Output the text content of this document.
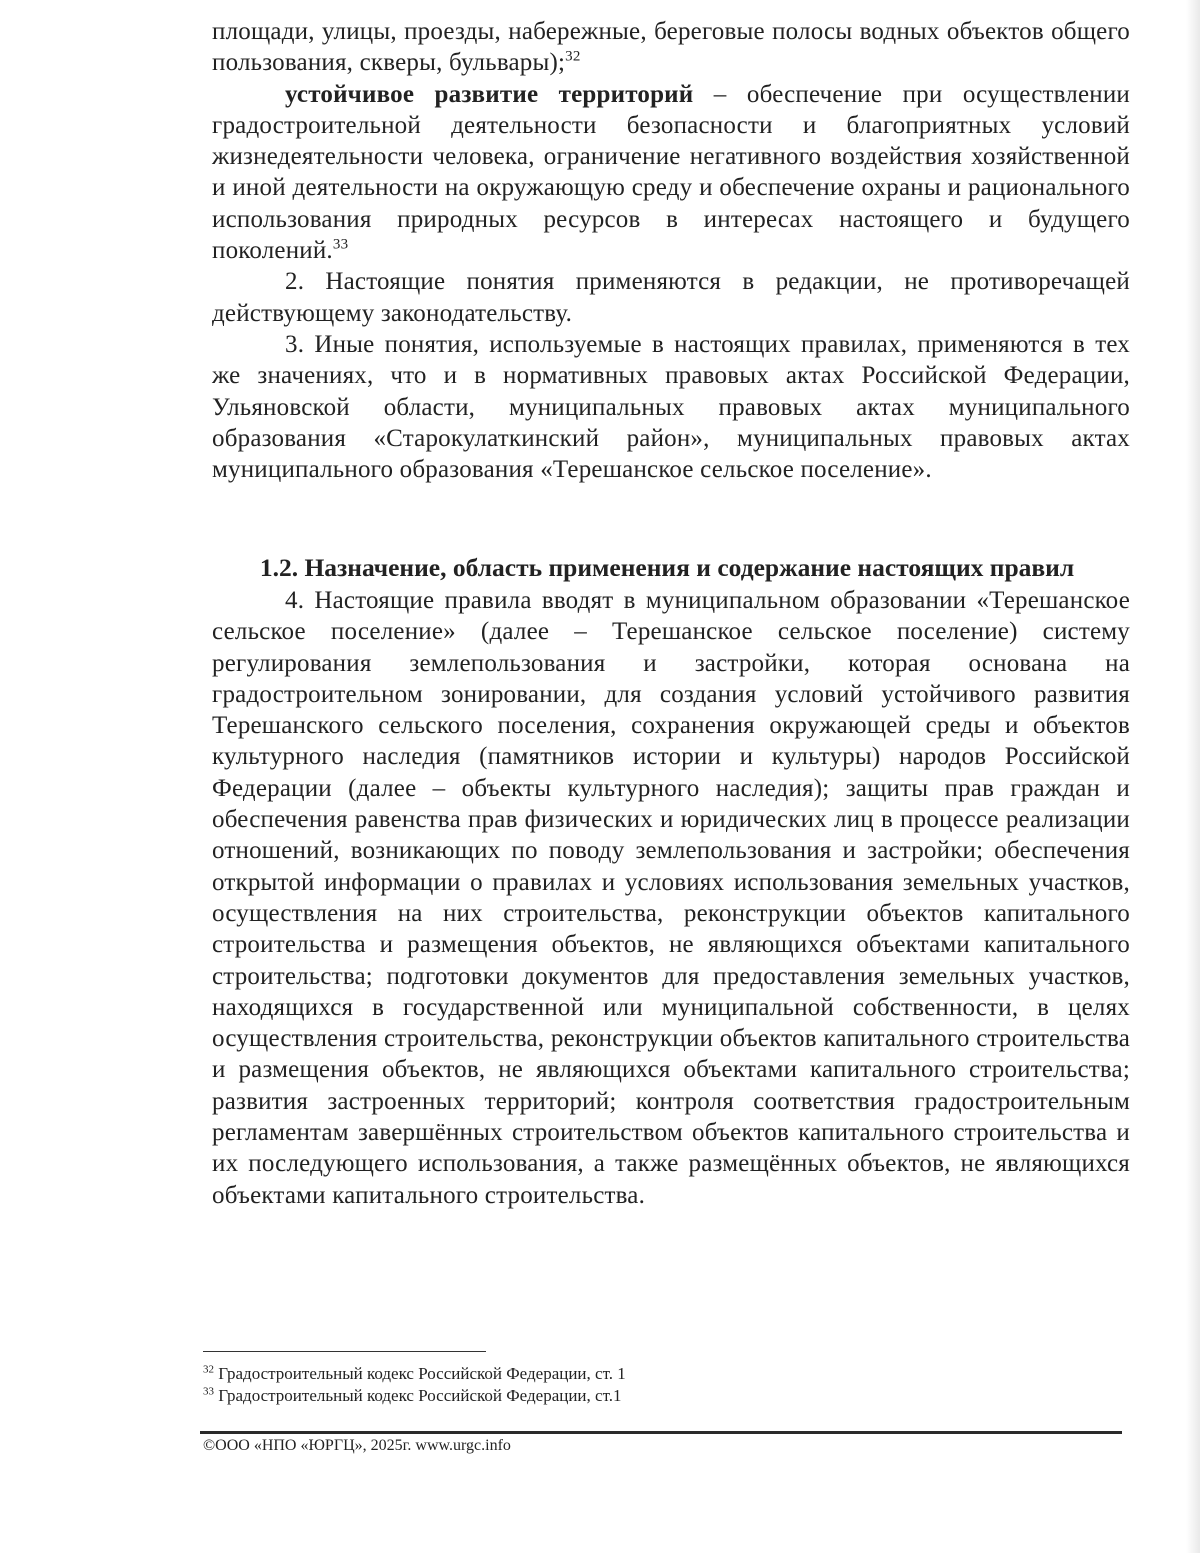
площади, улицы, проезды, набережные, береговые полосы водных объектов общего пользования, скверы, бульвары);$^{32}$

устойчивое развитие территорий – обеспечение при осуществлении градостроительной деятельности безопасности и благоприятных условий жизнедеятельности человека, ограничение негативного воздействия хозяйственной и иной деятельности на окружающую среду и обеспечение охраны и рационального использования природных ресурсов в интересах настоящего и будущего поколений.$^{33}$

2. Настоящие понятия применяются в редакции, не противоречащей действующему законодательству.

3. Иные понятия, используемые в настоящих правилах, применяются в тех же значениях, что и в нормативных правовых актах Российской Федерации, Ульяновской области, муниципальных правовых актах муниципального образования «Старокулаткинский район», муниципальных правовых актах муниципального образования «Терешанское сельское поселение».

1.2. Назначение, область применения и содержание настоящих правил

4. Настоящие правила вводят в муниципальном образовании «Терешанское сельское поселение» (далее – Терешанское сельское поселение) систему регулирования землепользования и застройки, которая основана на градостроительном зонировании, для создания условий устойчивого развития Терешанского сельского поселения, сохранения окружающей среды и объектов культурного наследия (памятников истории и культуры) народов Российской Федерации (далее – объекты культурного наследия); защиты прав граждан и обеспечения равенства прав физических и юридических лиц в процессе реализации отношений, возникающих по поводу землепользования и застройки; обеспечения открытой информации о правилах и условиях использования земельных участков, осуществления на них строительства, реконструкции объектов капитального строительства и размещения объектов, не являющихся объектами капитального строительства; подготовки документов для предоставления земельных участков, находящихся в государственной или муниципальной собственности, в целях осуществления строительства, реконструкции объектов капитального строительства и размещения объектов, не являющихся объектами капитального строительства; развития застроенных территорий; контроля соответствия градостроительным регламентам завершённых строительством объектов капитального строительства и их последующего использования, а также размещённых объектов, не являющихся объектами капитального строительства.

$^{32}$ Градостроительный кодекс Российской Федерации, ст. 1
$^{33}$ Градостроительный кодекс Российской Федерации, ст.1
©ООО «НПО «ЮРГЦ», 2025г. www.urgc.info
